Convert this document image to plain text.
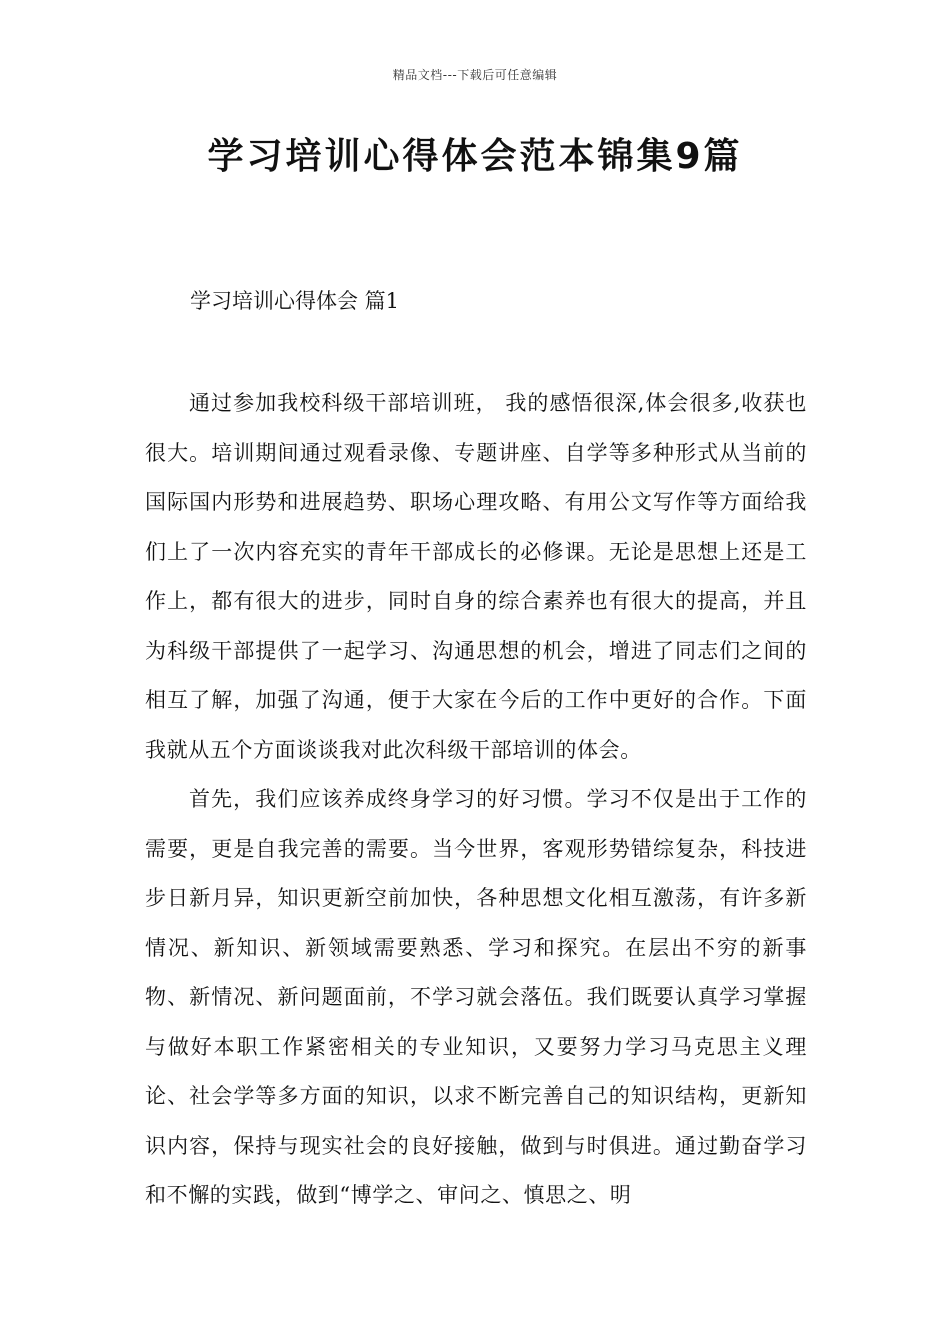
精品文档---下载后可任意编辑
学习培训心得体会范本锦集9篇
学习培训心得体会 篇1

通过参加我校科级干部培训班， 我的感悟很深,体会很多,收获也很大。培训期间通过观看录像、专题讲座、自学等多种形式从当前的国际国内形势和进展趋势、职场心理攻略、有用公文写作等方面给我们上了一次内容充实的青年干部成长的必修课。无论是思想上还是工作上，都有很大的进步，同时自身的综合素养也有很大的提高，并且为科级干部提供了一起学习、沟通思想的机会，增进了同志们之间的相互了解，加强了沟通，便于大家在今后的工作中更好的合作。下面我就从五个方面谈谈我对此次科级干部培训的体会。

首先，我们应该养成终身学习的好习惯。学习不仅是出于工作的需要，更是自我完善的需要。当今世界，客观形势错综复杂，科技进步日新月异，知识更新空前加快，各种思想文化相互激荡，有许多新情况、新知识、新领域需要熟悉、学习和探究。在层出不穷的新事物、新情况、新问题面前，不学习就会落伍。我们既要认真学习掌握与做好本职工作紧密相关的专业知识，又要努力学习马克思主义理论、社会学等多方面的知识，以求不断完善自己的知识结构，更新知识内容，保持与现实社会的良好接触，做到与时俱进。通过勤奋学习和不懈的实践，做到“博学之、审问之、慎思之、明
